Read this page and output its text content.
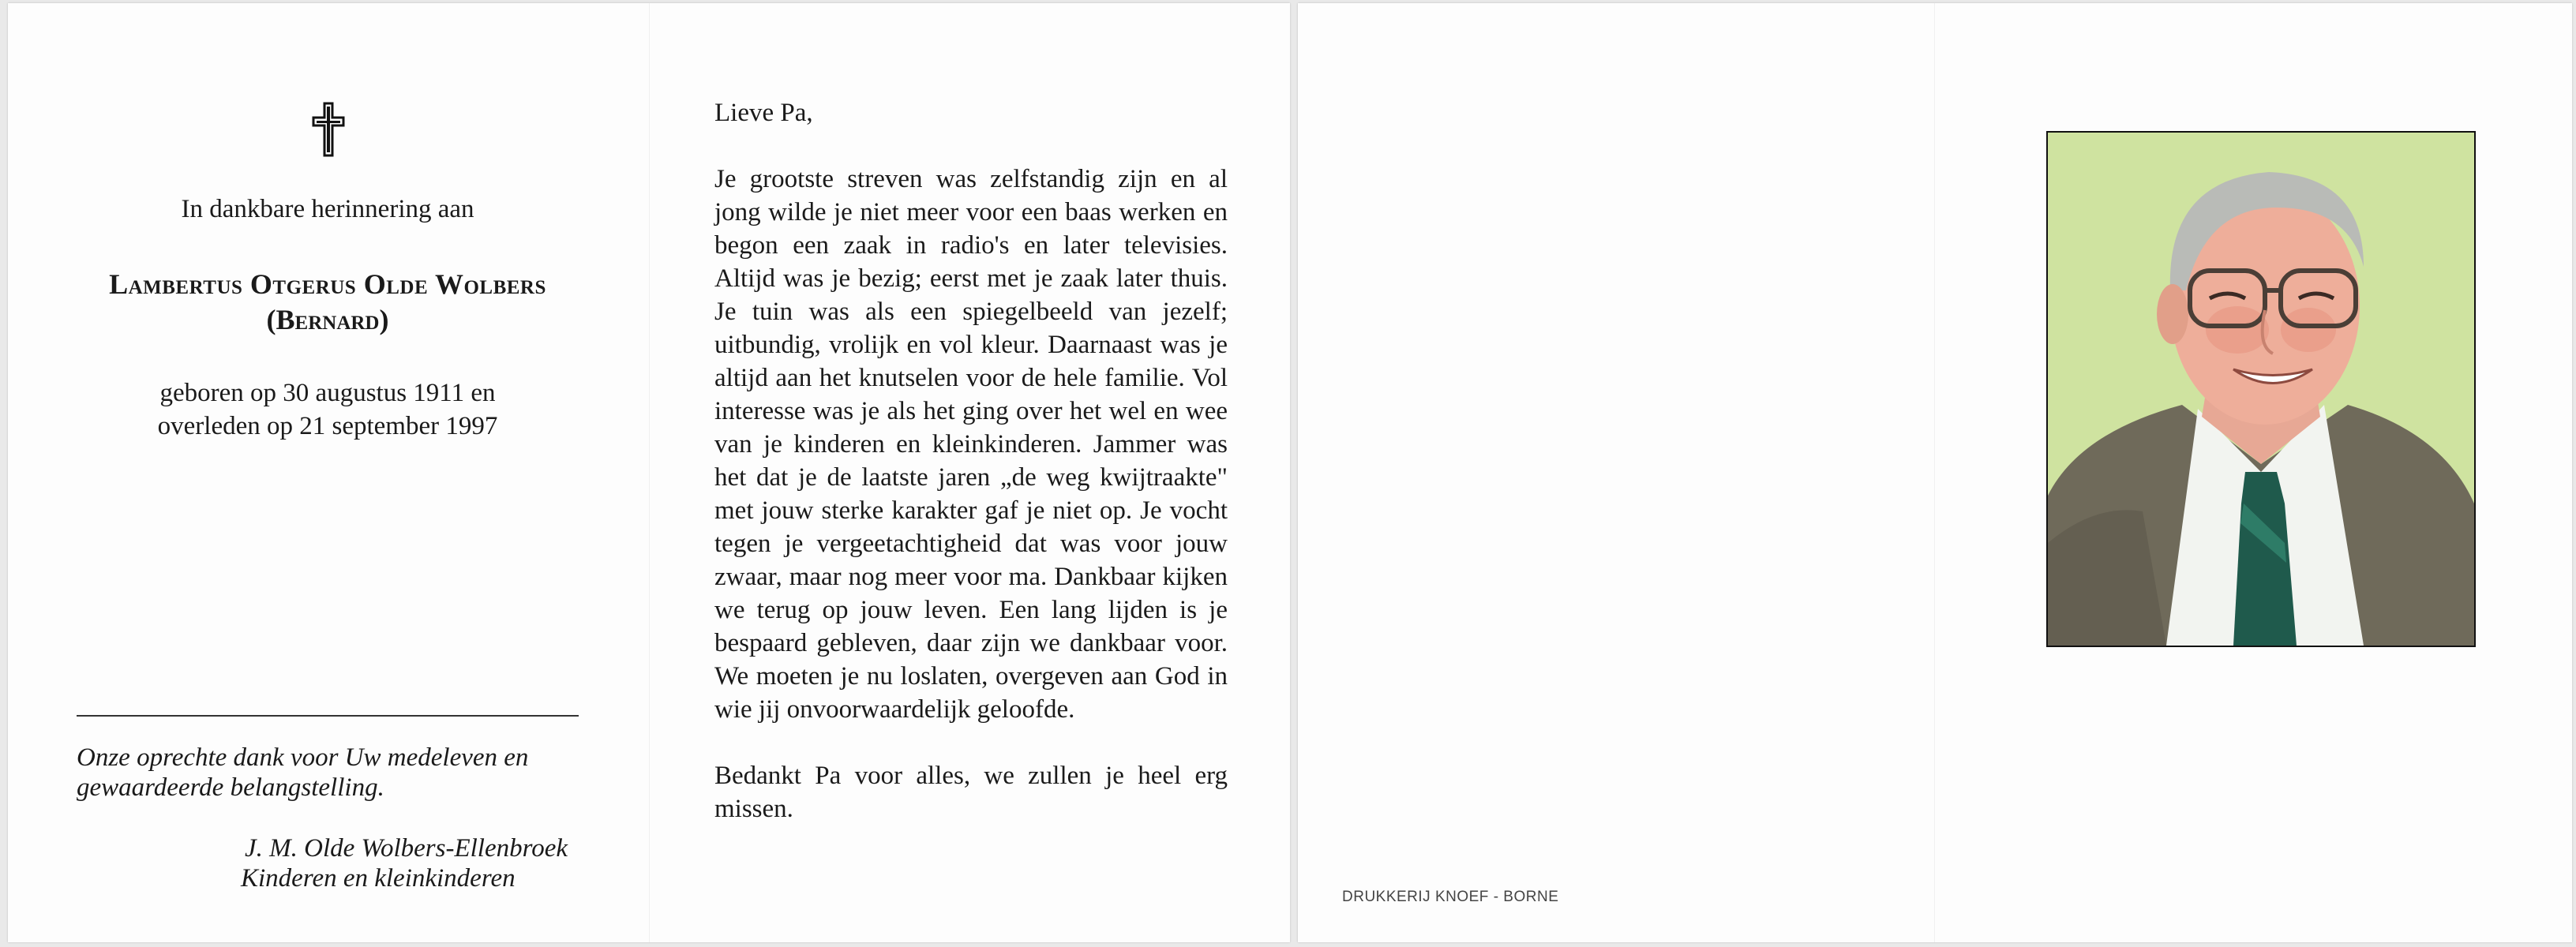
In dankbare herinnering aan
Lambertus Otgerus Olde Wolbers
(Bernard)
geboren op 30 augustus 1911 en
overleden op 21 september 1997
Onze oprechte dank voor Uw medeleven en gewaardeerde belangstelling.
J. M. Olde Wolbers-Ellenbroek
Kinderen en kleinkinderen

Lieve Pa,

Je grootste streven was zelfstandig zijn en al jong wilde je niet meer voor een baas werken en begon een zaak in radio's en later televisies. Altijd was je bezig; eerst met je zaak later thuis. Je tuin was als een spiegelbeeld van jezelf; uitbundig, vrolijk en vol kleur. Daarnaast was je altijd aan het knutselen voor de hele familie. Vol interesse was je als het ging over het wel en wee van je kinderen en kleinkinderen. Jammer was het dat je de laatste jaren „de weg kwijtraakte" met jouw sterke karakter gaf je niet op. Je vocht tegen je vergeetachtigheid dat was voor jouw zwaar, maar nog meer voor ma. Dankbaar kijken we terug op jouw leven. Een lang lijden is je bespaard gebleven, daar zijn we dankbaar voor. We moeten je nu loslaten, overgeven aan God in wie jij onvoorwaardelijk geloofde.

Bedankt Pa voor alles, we zullen je heel erg missen.

DRUKKERIJ KNOEF - BORNE
